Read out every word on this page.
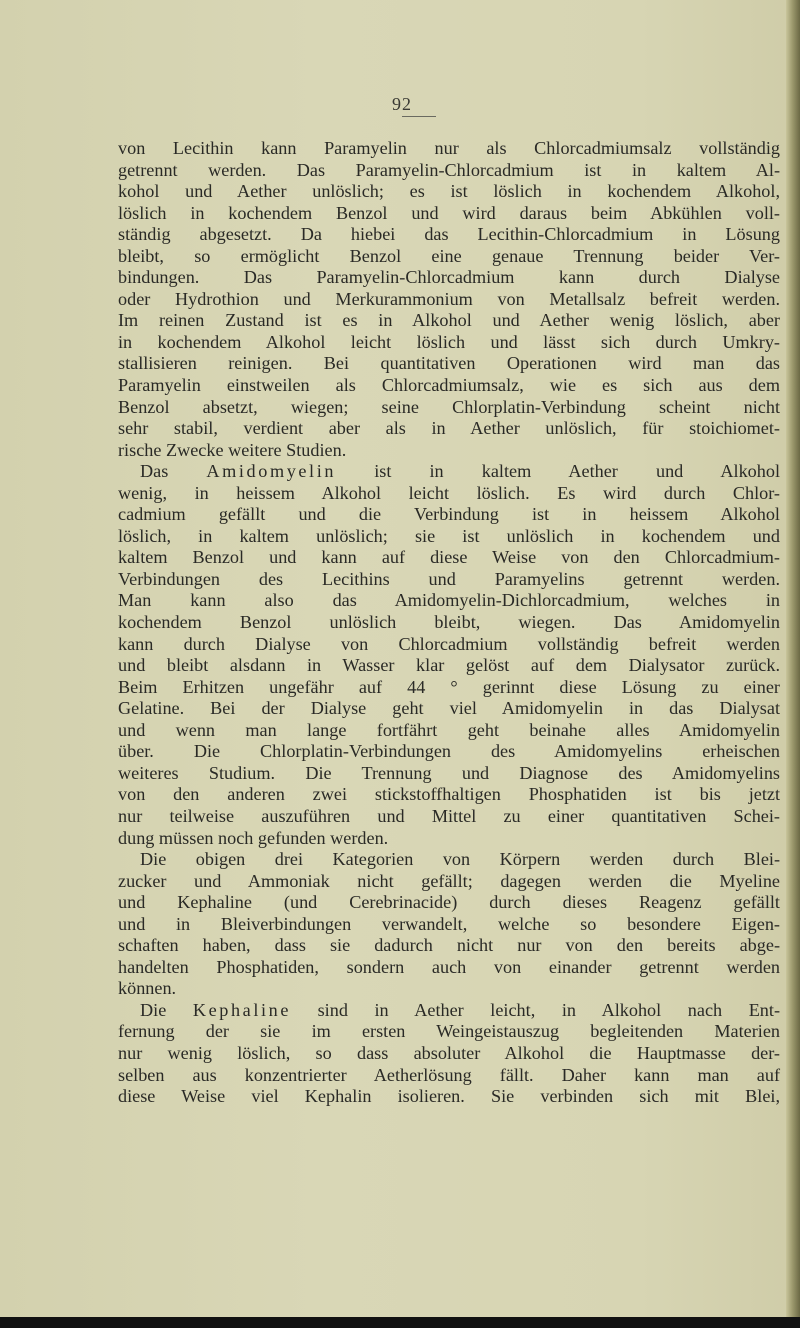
92
von Lecithin kann Paramyelin nur als Chlorcadmiumsalz vollständig
getrennt werden. Das Paramyelin-Chlorcadmium ist in kaltem Al-
kohol und Aether unlöslich; es ist löslich in kochendem Alkohol,
löslich in kochendem Benzol und wird daraus beim Abkühlen voll-
ständig abgesetzt. Da hiebei das Lecithin-Chlorcadmium in Lösung
bleibt, so ermöglicht Benzol eine genaue Trennung beider Ver-
bindungen. Das Paramyelin-Chlorcadmium kann durch Dialyse
oder Hydrothion und Merkurammonium von Metallsalz befreit werden.
Im reinen Zustand ist es in Alkohol und Aether wenig löslich, aber
in kochendem Alkohol leicht löslich und lässt sich durch Umkry-
stallisieren reinigen. Bei quantitativen Operationen wird man das
Paramyelin einstweilen als Chlorcadmiumsalz, wie es sich aus dem
Benzol absetzt, wiegen; seine Chlorplatin-Verbindung scheint nicht
sehr stabil, verdient aber als in Aether unlöslich, für stoichiomet-
rische Zwecke weitere Studien.
Das Amidomyelin ist in kaltem Aether und Alkohol
wenig, in heissem Alkohol leicht löslich. Es wird durch Chlor-
cadmium gefällt und die Verbindung ist in heissem Alkohol
löslich, in kaltem unlöslich; sie ist unlöslich in kochendem und
kaltem Benzol und kann auf diese Weise von den Chlorcadmium-
Verbindungen des Lecithins und Paramyelins getrennt werden.
Man kann also das Amidomyelin-Dichlorcadmium, welches in
kochendem Benzol unlöslich bleibt, wiegen. Das Amidomyelin
kann durch Dialyse von Chlorcadmium vollständig befreit werden
und bleibt alsdann in Wasser klar gelöst auf dem Dialysator zurück.
Beim Erhitzen ungefähr auf 44 ° gerinnt diese Lösung zu einer
Gelatine. Bei der Dialyse geht viel Amidomyelin in das Dialysat
und wenn man lange fortfährt geht beinahe alles Amidomyelin
über. Die Chlorplatin-Verbindungen des Amidomyelins erheischen
weiteres Studium. Die Trennung und Diagnose des Amidomyelins
von den anderen zwei stickstoffhaltigen Phosphatiden ist bis jetzt
nur teilweise auszuführen und Mittel zu einer quantitativen Schei-
dung müssen noch gefunden werden.
Die obigen drei Kategorien von Körpern werden durch Blei-
zucker und Ammoniak nicht gefällt; dagegen werden die Myeline
und Kephaline (und Cerebrinacide) durch dieses Reagenz gefällt
und in Bleiverbindungen verwandelt, welche so besondere Eigen-
schaften haben, dass sie dadurch nicht nur von den bereits abge-
handelten Phosphatiden, sondern auch von einander getrennt werden
können.
Die Kephaline sind in Aether leicht, in Alkohol nach Ent-
fernung der sie im ersten Weingeistauszug begleitenden Materien
nur wenig löslich, so dass absoluter Alkohol die Hauptmasse der-
selben aus konzentrierter Aetherlösung fällt. Daher kann man auf
diese Weise viel Kephalin isolieren. Sie verbinden sich mit Blei,
